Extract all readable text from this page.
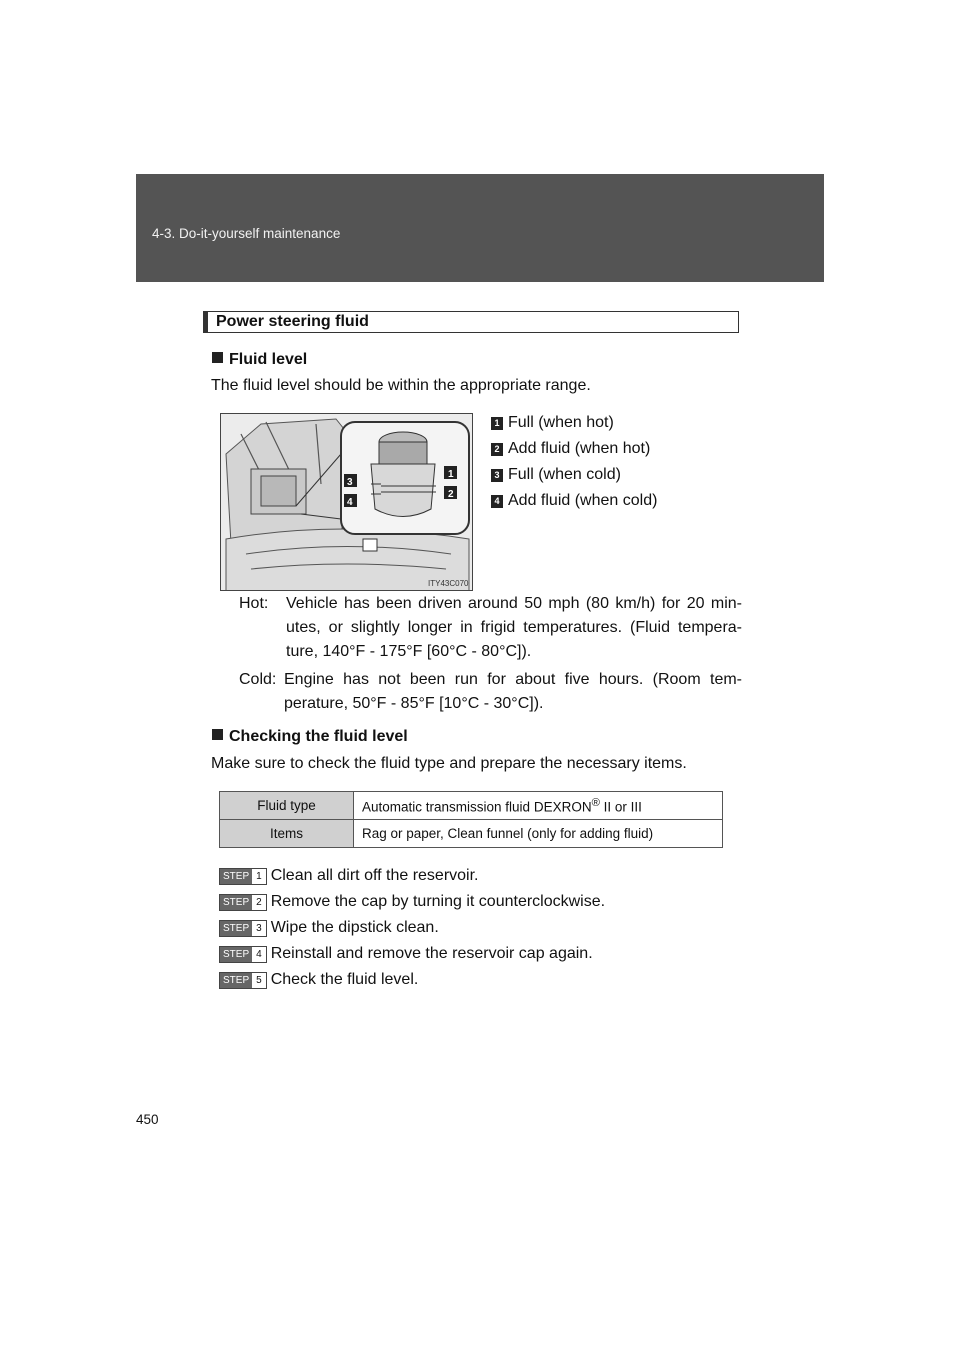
4-3. Do-it-yourself maintenance
Power steering fluid
Fluid level
The fluid level should be within the appropriate range.
3
4
1
2
ITY43C070
1 Full (when hot)
2 Add fluid (when hot)
3 Full (when cold)
4 Add fluid (when cold)
Hot: Vehicle has been driven around 50 mph (80 km/h) for 20 min-utes, or slightly longer in frigid temperatures. (Fluid tempera-ture, 140°F - 175°F [60°C - 80°C]).
Cold: Engine has not been run for about five hours. (Room tem-perature, 50°F - 85°F [10°C - 30°C]).
Checking the fluid level
Make sure to check the fluid type and prepare the necessary items.
Fluid type	Automatic transmission fluid DEXRON® II or III
Items	Rag or paper, Clean funnel (only for adding fluid)
STEP 1 Clean all dirt off the reservoir.
STEP 2 Remove the cap by turning it counterclockwise.
STEP 3 Wipe the dipstick clean.
STEP 4 Reinstall and remove the reservoir cap again.
STEP 5 Check the fluid level.
450
